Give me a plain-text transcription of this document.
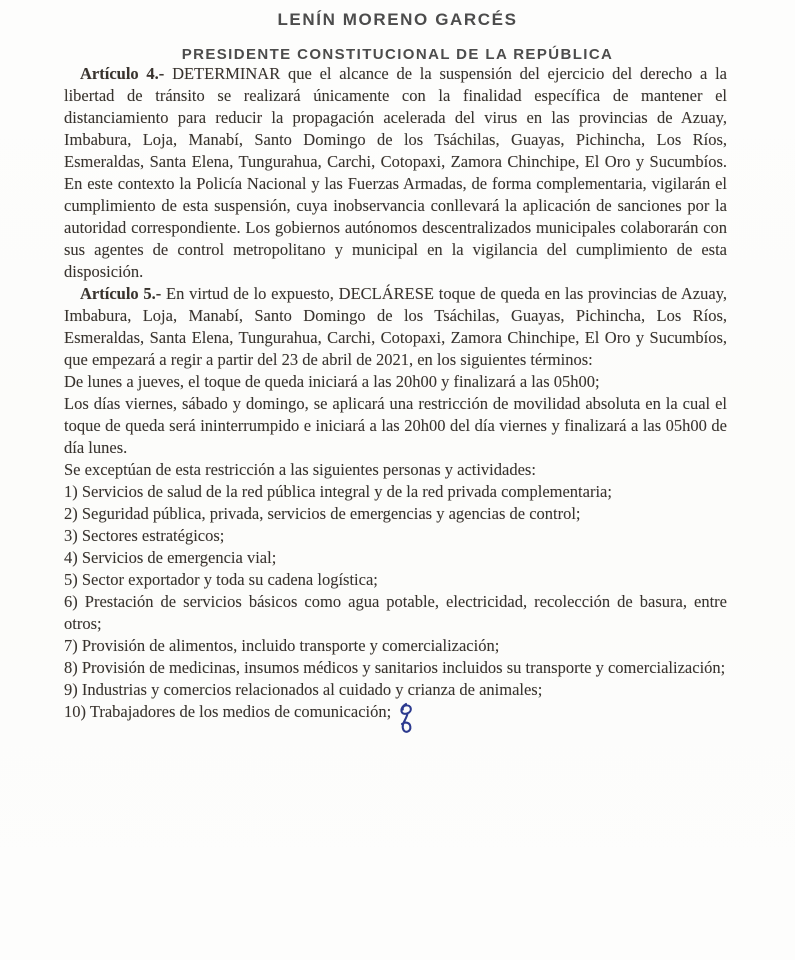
LENÍN MORENO GARCÉS
PRESIDENTE CONSTITUCIONAL DE LA REPÚBLICA

Artículo 4.- DETERMINAR que el alcance de la suspensión del ejercicio del derecho a la libertad de tránsito se realizará únicamente con la finalidad específica de mantener el distanciamiento para reducir la propagación acelerada del virus en las provincias de Azuay, Imbabura, Loja, Manabí, Santo Domingo de los Tsáchilas, Guayas, Pichincha, Los Ríos, Esmeraldas, Santa Elena, Tungurahua, Carchi, Cotopaxi, Zamora Chinchipe, El Oro y Sucumbíos. En este contexto la Policía Nacional y las Fuerzas Armadas, de forma complementaria, vigilarán el cumplimiento de esta suspensión, cuya inobservancia conllevará la aplicación de sanciones por la autoridad correspondiente. Los gobiernos autónomos descentralizados municipales colaborarán con sus agentes de control metropolitano y municipal en la vigilancia del cumplimiento de esta disposición.

Artículo 5.- En virtud de lo expuesto, DECLÁRESE toque de queda en las provincias de Azuay, Imbabura, Loja, Manabí, Santo Domingo de los Tsáchilas, Guayas, Pichincha, Los Ríos, Esmeraldas, Santa Elena, Tungurahua, Carchi, Cotopaxi, Zamora Chinchipe, El Oro y Sucumbíos, que empezará a regir a partir del 23 de abril de 2021, en los siguientes términos:

De lunes a jueves, el toque de queda iniciará a las 20h00 y finalizará a las 05h00;

Los días viernes, sábado y domingo, se aplicará una restricción de movilidad absoluta en la cual el toque de queda será ininterrumpido e iniciará a las 20h00 del día viernes y finalizará a las 05h00 de día lunes.

Se exceptúan de esta restricción a las siguientes personas y actividades:

1) Servicios de salud de la red pública integral y de la red privada complementaria;

2) Seguridad pública, privada, servicios de emergencias y agencias de control;

3) Sectores estratégicos;

4) Servicios de emergencia vial;

5) Sector exportador y toda su cadena logística;

6) Prestación de servicios básicos como agua potable, electricidad, recolección de basura, entre otros;

7) Provisión de alimentos, incluido transporte y comercialización;

8) Provisión de medicinas, insumos médicos y sanitarios incluidos su transporte y comercialización;

9) Industrias y comercios relacionados al cuidado y crianza de animales;

10) Trabajadores de los medios de comunicación;
